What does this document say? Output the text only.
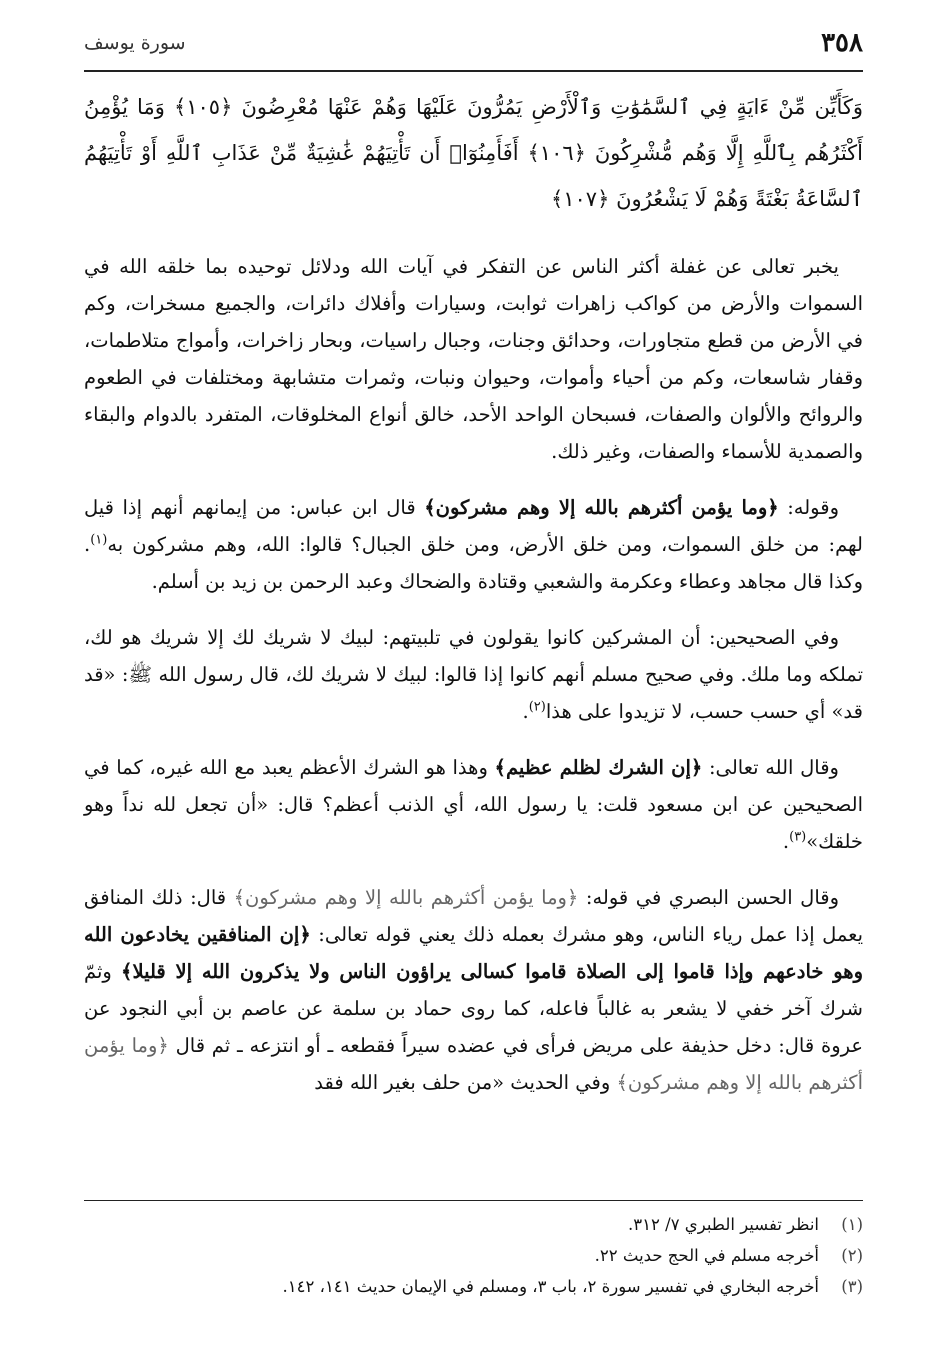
٣٥٨
سورة يوسف

وَكَأَيِّن مِّنْ ءَايَةٍ فِي ٱلسَّمَٰوَٰتِ وَٱلْأَرْضِ يَمُرُّونَ عَلَيْهَا وَهُمْ عَنْهَا مُعْرِضُونَ ﴿١٠٥﴾ وَمَا يُؤْمِنُ أَكْثَرُهُم بِٱللَّهِ إِلَّا وَهُم مُّشْرِكُونَ ﴿١٠٦﴾ أَفَأَمِنُوٓا۟ أَن تَأْتِيَهُمْ غَٰشِيَةٌ مِّنْ عَذَابِ ٱللَّهِ أَوْ تَأْتِيَهُمُ ٱلسَّاعَةُ بَغْتَةً وَهُمْ لَا يَشْعُرُونَ ﴿١٠٧﴾

يخبر تعالى عن غفلة أكثر الناس عن التفكر في آيات الله ودلائل توحيده بما خلقه الله في السموات والأرض من كواكب زاهرات ثوابت، وسيارات وأفلاك دائرات، والجميع مسخرات، وكم في الأرض من قطع متجاورات، وحدائق وجنات، وجبال راسيات، وبحار زاخرات، وأمواج متلاطمات، وقفار شاسعات، وكم من أحياء وأموات، وحيوان ونبات، وثمرات متشابهة ومختلفات في الطعوم والروائح والألوان والصفات، فسبحان الواحد الأحد، خالق أنواع المخلوقات، المتفرد بالدوام والبقاء والصمدية للأسماء والصفات، وغير ذلك.

وقوله: ﴿وما يؤمن أكثرهم بالله إلا وهم مشركون﴾ قال ابن عباس: من إيمانهم أنهم إذا قيل لهم: من خلق السموات، ومن خلق الأرض، ومن خلق الجبال؟ قالوا: الله، وهم مشركون به$^{(١)}$. وكذا قال مجاهد وعطاء وعكرمة والشعبي وقتادة والضحاك وعبد الرحمن بن زيد بن أسلم.

وفي الصحيحين: أن المشركين كانوا يقولون في تلبيتهم: لبيك لا شريك لك إلا شريك هو لك، تملكه وما ملك. وفي صحيح مسلم أنهم كانوا إذا قالوا: لبيك لا شريك لك، قال رسول الله ﷺ: «قد قد» أي حسب حسب، لا تزيدوا على هذا$^{(٢)}$.

وقال الله تعالى: ﴿إن الشرك لظلم عظيم﴾ وهذا هو الشرك الأعظم يعبد مع الله غيره، كما في الصحيحين عن ابن مسعود قلت: يا رسول الله، أي الذنب أعظم؟ قال: «أن تجعل لله نداً وهو خلقك»$^{(٣)}$.

وقال الحسن البصري في قوله: ﴿وما يؤمن أكثرهم بالله إلا وهم مشركون﴾ قال: ذلك المنافق يعمل إذا عمل رياء الناس، وهو مشرك بعمله ذلك يعني قوله تعالى: ﴿إن المنافقين يخادعون الله وهو خادعهم وإذا قاموا إلى الصلاة قاموا كسالى يراؤون الناس ولا يذكرون الله إلا قليلا﴾ وثمّ شرك آخر خفي لا يشعر به غالباً فاعله، كما روى حماد بن سلمة عن عاصم بن أبي النجود عن عروة قال: دخل حذيفة على مريض فرأى في عضده سيراً فقطعه ـ أو انتزعه ـ ثم قال ﴿وما يؤمن أكثرهم بالله إلا وهم مشركون﴾ وفي الحديث «من حلف بغير الله فقد

(١)
انظر تفسير الطبري ٧/ ٣١٢.
(٢)
أخرجه مسلم في الحج حديث ٢٢.
(٣)
أخرجه البخاري في تفسير سورة ٢، باب ٣، ومسلم في الإيمان حديث ١٤١، ١٤٢.
